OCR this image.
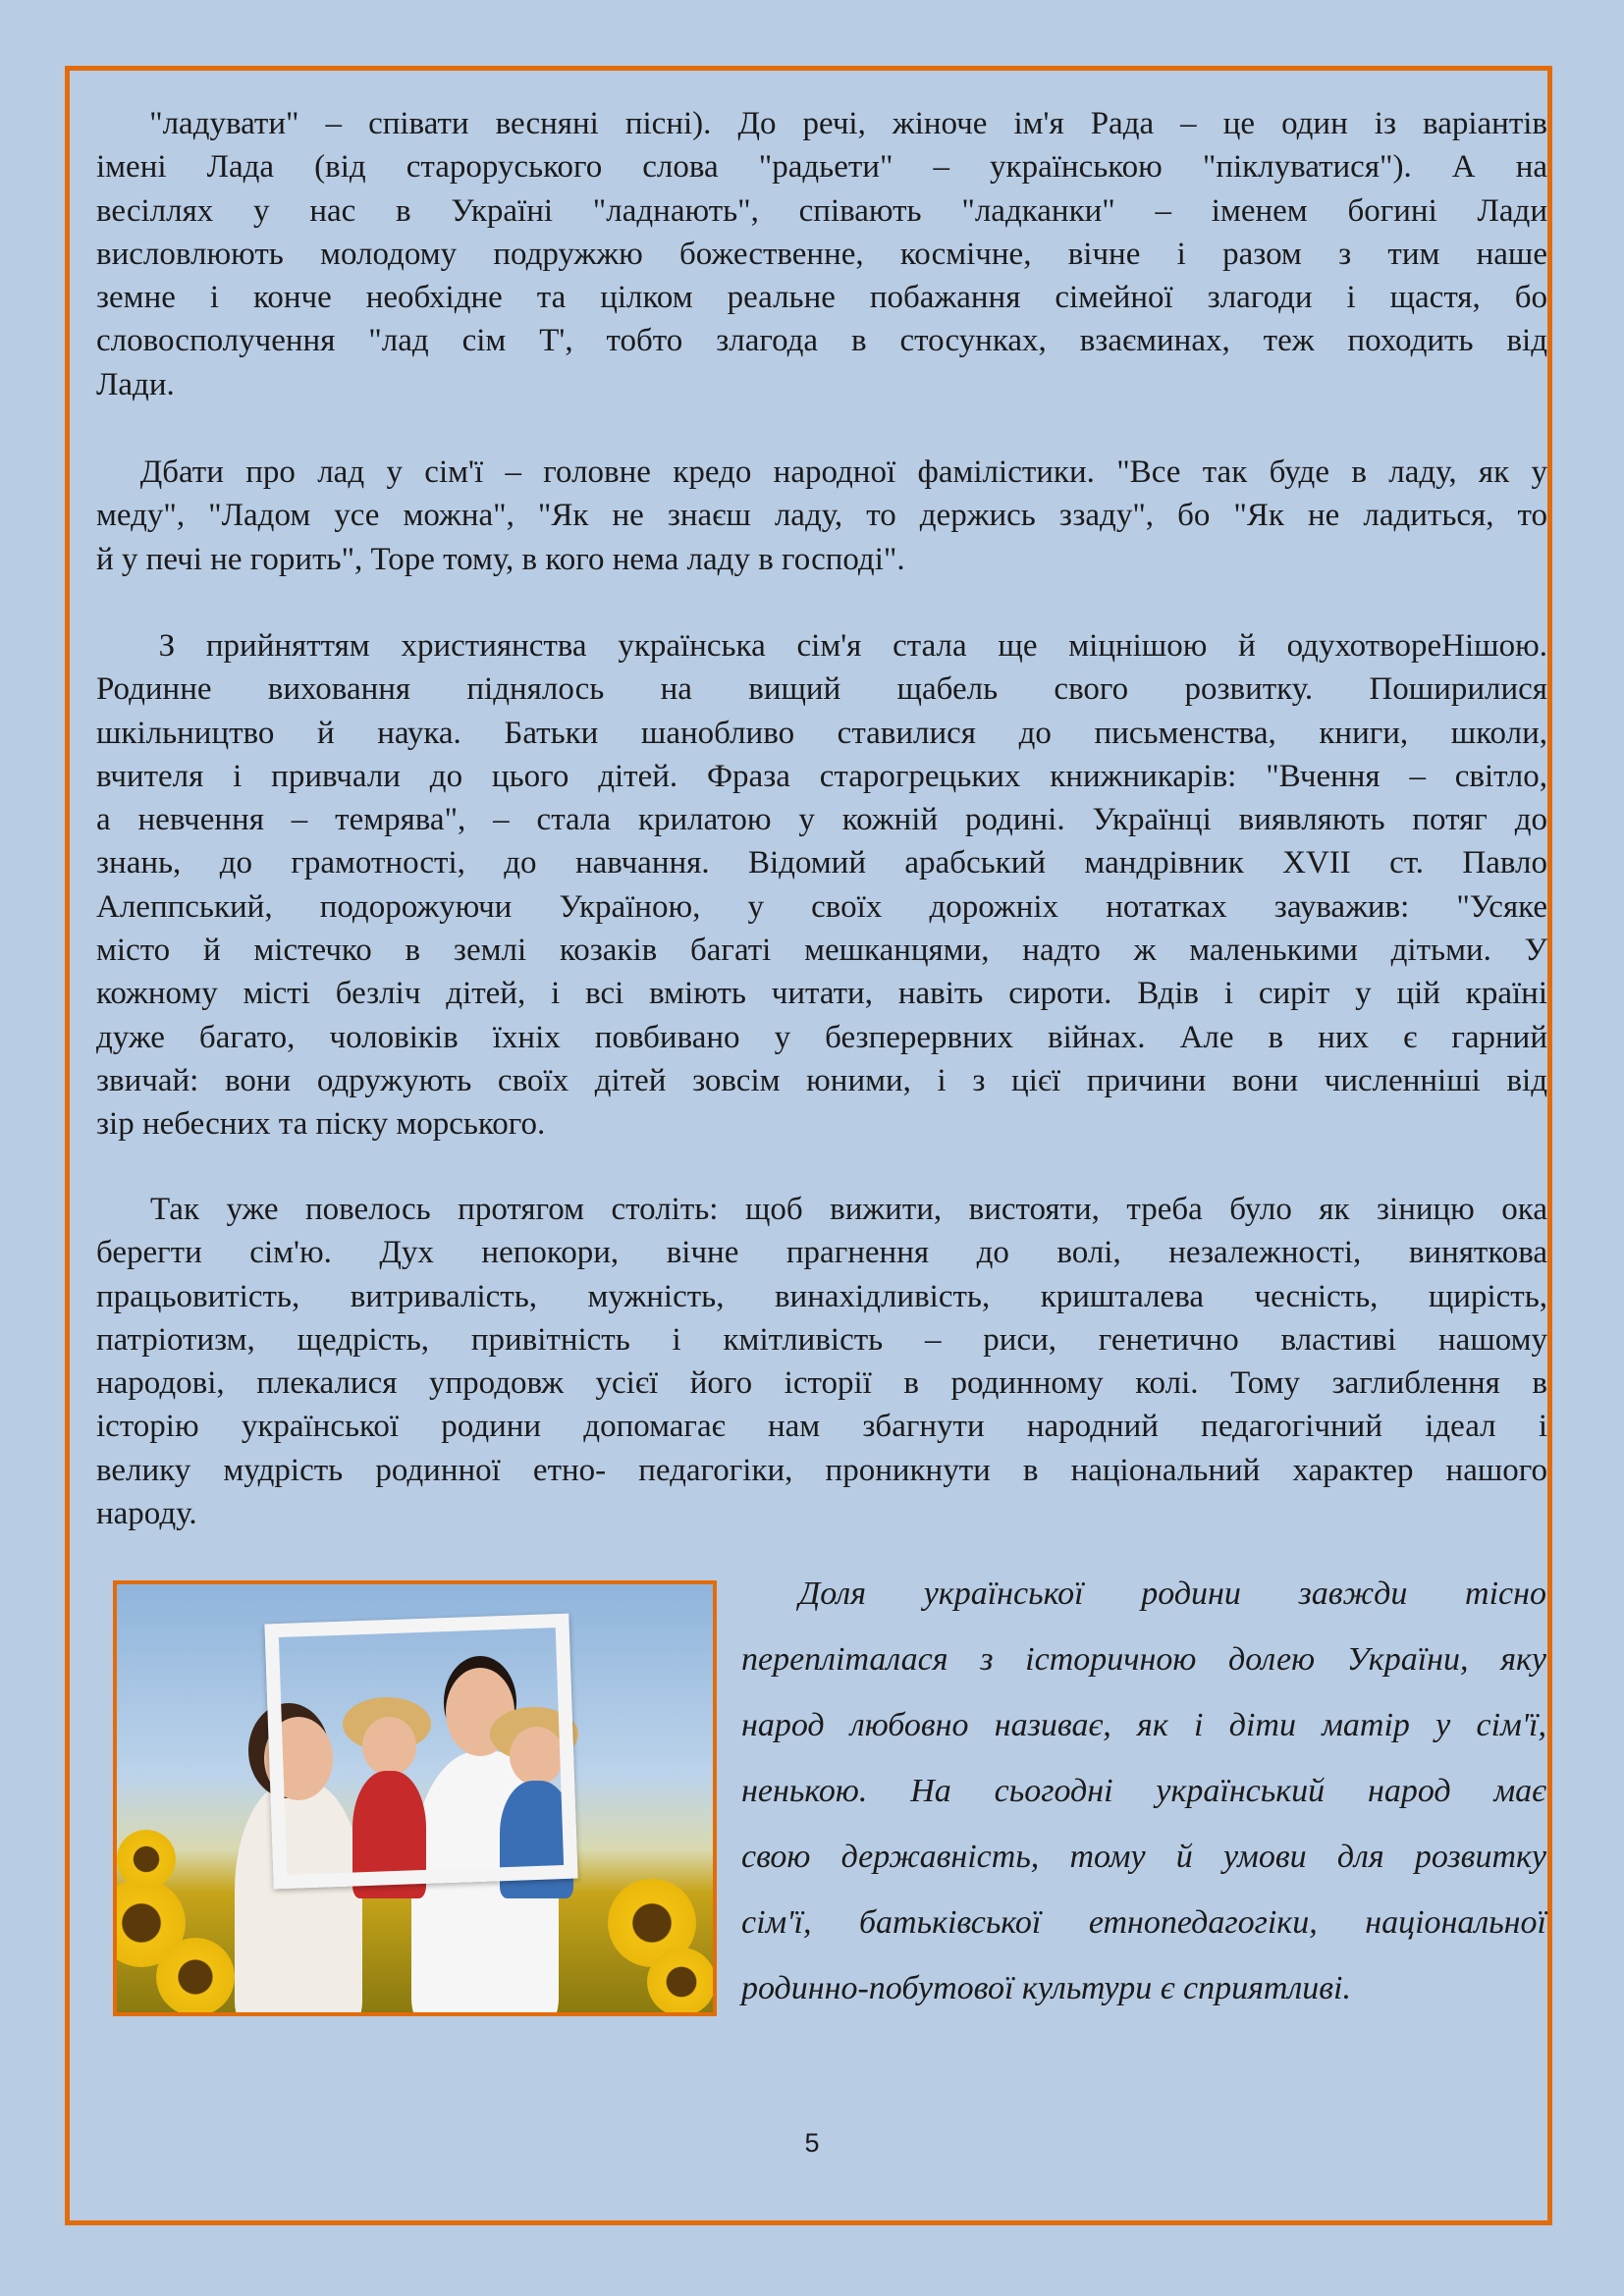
"ладувати" – співати весняні пісні). До речі, жіноче ім'я Рада – це один із варіантів
імені Лада (від староруського слова "радьети" – українською "піклуватися"). А на
весіллях у нас в Україні "ладнають", співають "ладканки" – іменем богині Лади
висловлюють молодому подружжю божественне, космічне, вічне і разом з тим наше
земне і конче необхідне та цілком реальне побажання сімейної злагоди і щастя, бо
словосполучення "лад сім Т', тобто злагода в стосунках, взаєминах, теж походить від
Лади.
Дбати про лад у сім'ї – головне кредо народної фамілістики. "Все так буде в ладу, як у
меду", "Ладом усе можна", "Як не знаєш ладу, то держись ззаду", бо "Як не ладиться, то
й у печі не горить", Торе тому, в кого нема ладу в господі".
З прийняттям християнства українська сім'я стала ще міцнішою й одухотвореНішою.
Родинне виховання піднялось на вищий щабель свого розвитку. Поширилися
шкільництво й наука. Батьки шанобливо ставилися до письменства, книги, школи,
вчителя і привчали до цього дітей. Фраза старогрецьких книжникарів: "Вчення – світло,
а невчення – темрява", – стала крилатою у кожній родині. Українці виявляють потяг до
знань, до грамотності, до навчання. Відомий арабський мандрівник XVII ст. Павло
Алеппський, подорожуючи Україною, у своїх дорожніх нотатках зауважив: "Усяке
місто й містечко в землі козаків багаті мешканцями, надто ж маленькими дітьми. У
кожному місті безліч дітей, і всі вміють читати, навіть сироти. Вдів і сиріт у цій країні
дуже багато, чоловіків їхніх повбивано у безперервних війнах. Але в них є гарний
звичай: вони одружують своїх дітей зовсім юними, і з цієї причини вони численніші від
зір небесних та піску морського.
Так уже повелось протягом століть: щоб вижити, вистояти, треба було як зіницю ока
берегти сім'ю. Дух непокори, вічне прагнення до волі, незалежності, виняткова
працьовитість, витривалість, мужність, винахідливість, кришталева чесність, щирість,
патріотизм, щедрість, привітність і кмітливість – риси, генетично властиві нашому
народові, плекалися упродовж усієї його історії в родинному колі. Тому заглиблення в
історію української родини допомагає нам збагнути народний педагогічний ідеал і
велику мудрість родинної етно- педагогіки, проникнути в національний характер нашого
народу.
Доля української родини завжди тісно
перепліталася з історичною долею України, яку
народ любовно називає, як і діти матір у сім'ї,
ненькою. На сьогодні український народ має
свою державність, тому й умови для розвитку
сім'ї, батьківської етнопедагогіки, національної
родинно-побутової культури є сприятливі.
5
